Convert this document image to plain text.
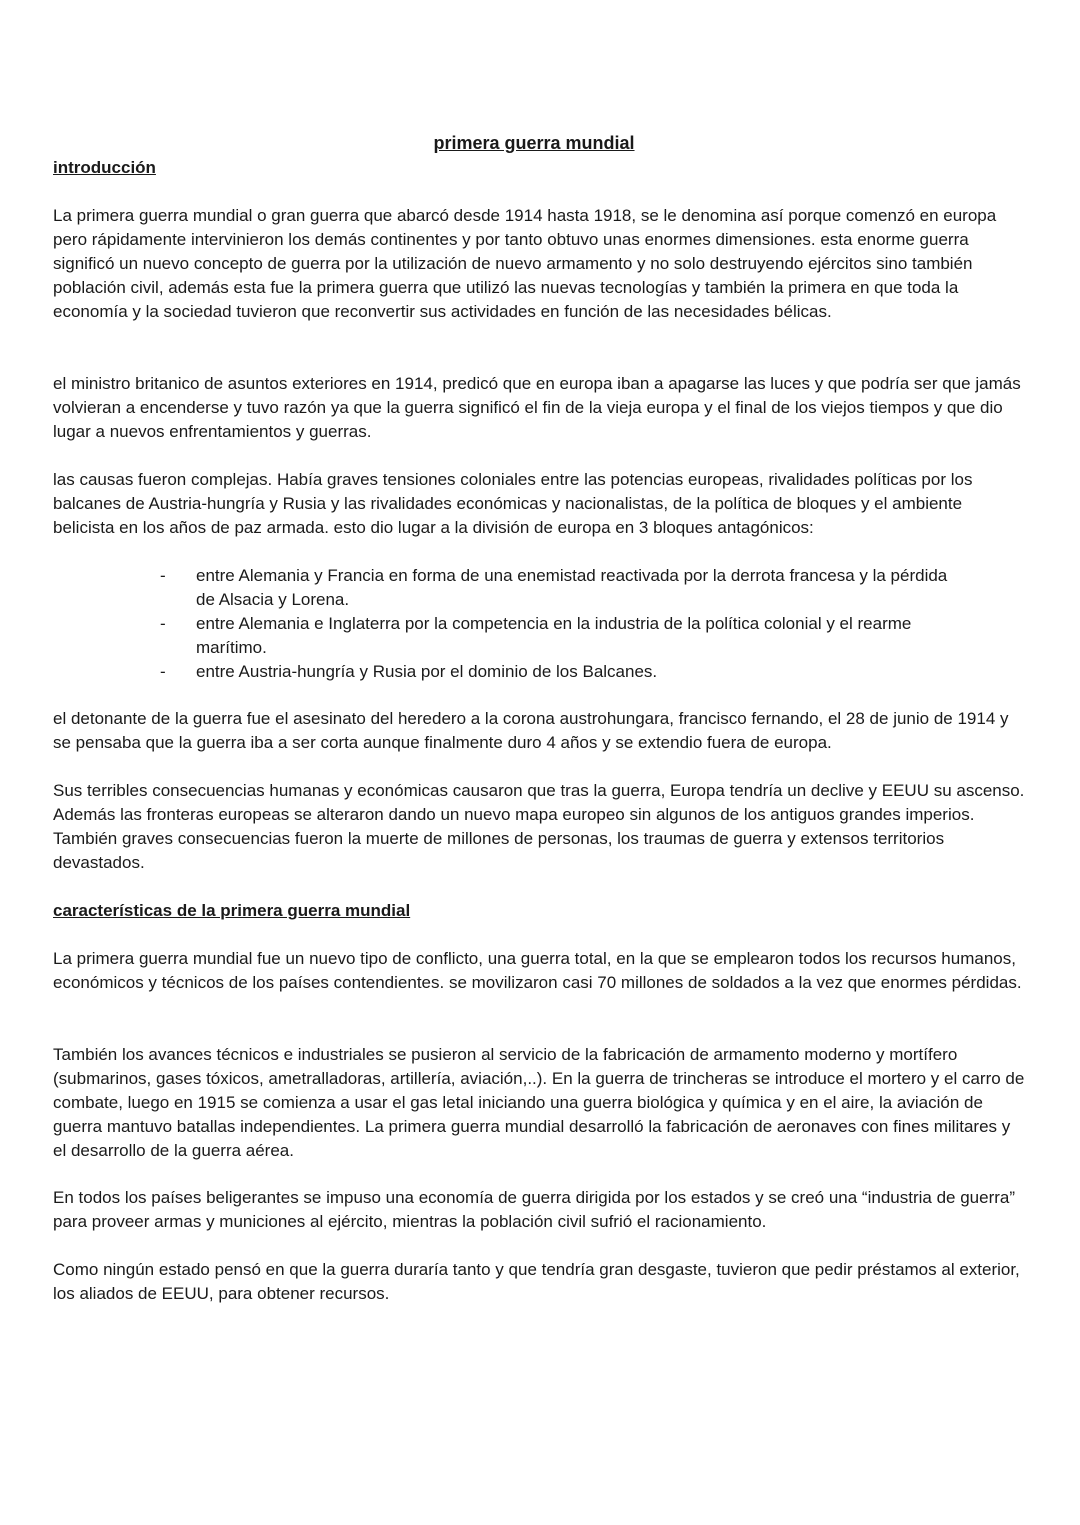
primera guerra mundial
introducción

La primera guerra mundial o gran guerra que abarcó desde 1914 hasta 1918, se le denomina así porque comenzó en europa pero rápidamente intervinieron los demás continentes y por tanto obtuvo unas enormes dimensiones. esta enorme guerra significó un nuevo concepto de guerra por la utilización de nuevo armamento y no solo destruyendo ejércitos sino también población civil, además esta fue la primera guerra que utilizó las nuevas tecnologías y también la primera en que toda la economía y la sociedad tuvieron que reconvertir sus actividades en función de las necesidades bélicas.

el ministro britanico de asuntos exteriores en 1914, predicó que en europa iban a apagarse las luces y que podría ser que jamás volvieran a encenderse y tuvo razón ya que la guerra significó el fin de la vieja europa y el final de los viejos tiempos y que dio lugar a nuevos enfrentamientos y guerras.

las causas fueron complejas. Había graves tensiones coloniales entre las potencias europeas, rivalidades políticas por los balcanes de Austria-hungría y Rusia y las rivalidades económicas y nacionalistas, de la política de bloques y el ambiente belicista en los años de paz armada. esto dio lugar a la división de europa en 3 bloques antagónicos:

- entre Alemania y Francia en forma de una enemistad reactivada por la derrota francesa y la pérdida de Alsacia y Lorena.
- entre Alemania e Inglaterra por la competencia en la industria de la política colonial y el rearme marítimo.
- entre Austria-hungría y Rusia por el dominio de los Balcanes.

el detonante de la guerra fue el asesinato del heredero a la corona austrohungara, francisco fernando, el 28 de junio de 1914 y se pensaba que la guerra iba a ser corta aunque finalmente duro 4 años y se extendio fuera de europa.

Sus terribles consecuencias humanas y económicas causaron que tras la guerra, Europa tendría un declive y EEUU su ascenso. Además las fronteras europeas se alteraron dando un nuevo mapa europeo sin algunos de los antiguos grandes imperios. También graves consecuencias fueron la muerte de millones de personas, los traumas de guerra y extensos territorios devastados.

características de la primera guerra mundial

La primera guerra mundial fue un nuevo tipo de conflicto, una guerra total, en la que se emplearon todos los recursos humanos, económicos y técnicos de los países contendientes. se movilizaron casi 70 millones de soldados a la vez que enormes pérdidas.

También los avances técnicos e industriales se pusieron al servicio de la fabricación de armamento moderno y mortífero (submarinos, gases tóxicos, ametralladoras, artillería, aviación,..). En la guerra de trincheras se introduce el mortero y el carro de combate, luego en 1915 se comienza a usar el gas letal iniciando una guerra biológica y química y en el aire, la aviación de guerra mantuvo batallas independientes. La primera guerra mundial desarrolló la fabricación de aeronaves con fines militares y el desarrollo de la guerra aérea.

En todos los países beligerantes se impuso una economía de guerra dirigida por los estados y se creó una “industria de guerra” para proveer armas y municiones al ejército, mientras la población civil sufrió el racionamiento.

Como ningún estado pensó en que la guerra duraría tanto y que tendría gran desgaste, tuvieron que pedir préstamos al exterior, los aliados de EEUU, para obtener recursos.
